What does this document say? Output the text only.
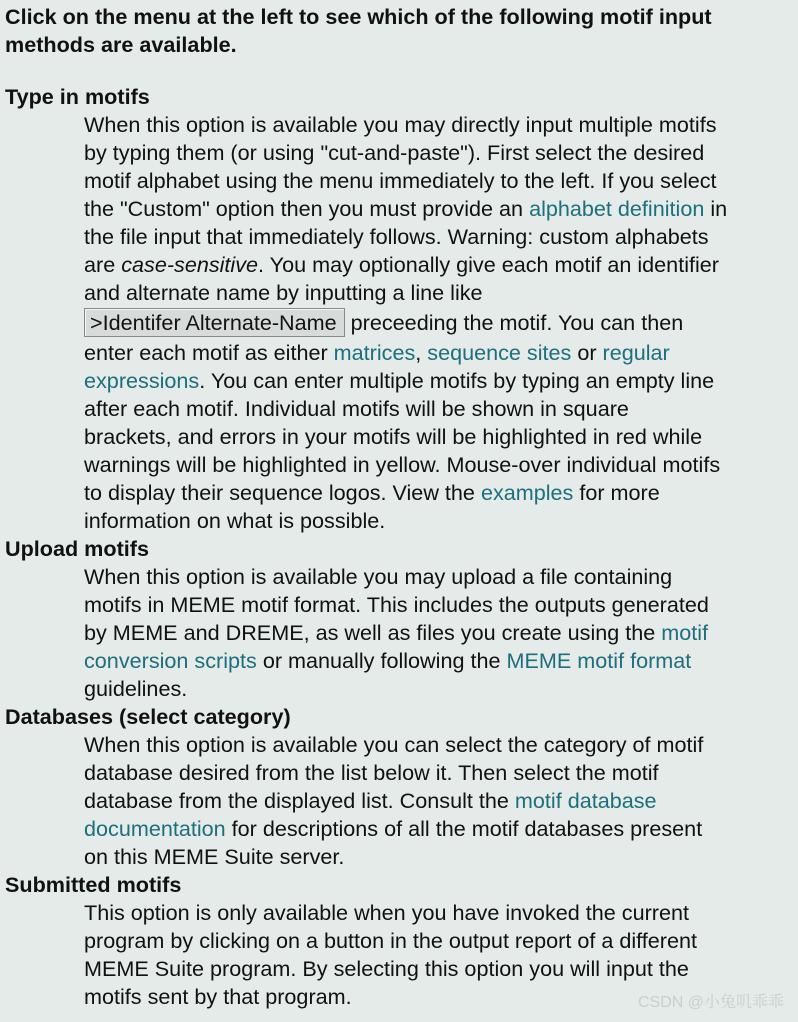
Click on the menu at the left to see which of the following motif input
methods are available.
Type in motifs
When this option is available you may directly input multiple motifs
by typing them (or using "cut-and-paste"). First select the desired
motif alphabet using the menu immediately to the left. If you select
the "Custom" option then you must provide an alphabet definition in
the file input that immediately follows. Warning: custom alphabets
are case-sensitive. You may optionally give each motif an identifier
and alternate name by inputting a line like
>Identifer Alternate-Name preceeding the motif. You can then
enter each motif as either matrices, sequence sites or regular
expressions. You can enter multiple motifs by typing an empty line
after each motif. Individual motifs will be shown in square
brackets, and errors in your motifs will be highlighted in red while
warnings will be highlighted in yellow. Mouse-over individual motifs
to display their sequence logos. View the examples for more
information on what is possible.
Upload motifs
When this option is available you may upload a file containing
motifs in MEME motif format. This includes the outputs generated
by MEME and DREME, as well as files you create using the motif
conversion scripts or manually following the MEME motif format
guidelines.
Databases (select category)
When this option is available you can select the category of motif
database desired from the list below it. Then select the motif
database from the displayed list. Consult the motif database
documentation for descriptions of all the motif databases present
on this MEME Suite server.
Submitted motifs
This option is only available when you have invoked the current
program by clicking on a button in the output report of a different
MEME Suite program. By selecting this option you will input the
motifs sent by that program.	CSDN @小兔叽乖乖
